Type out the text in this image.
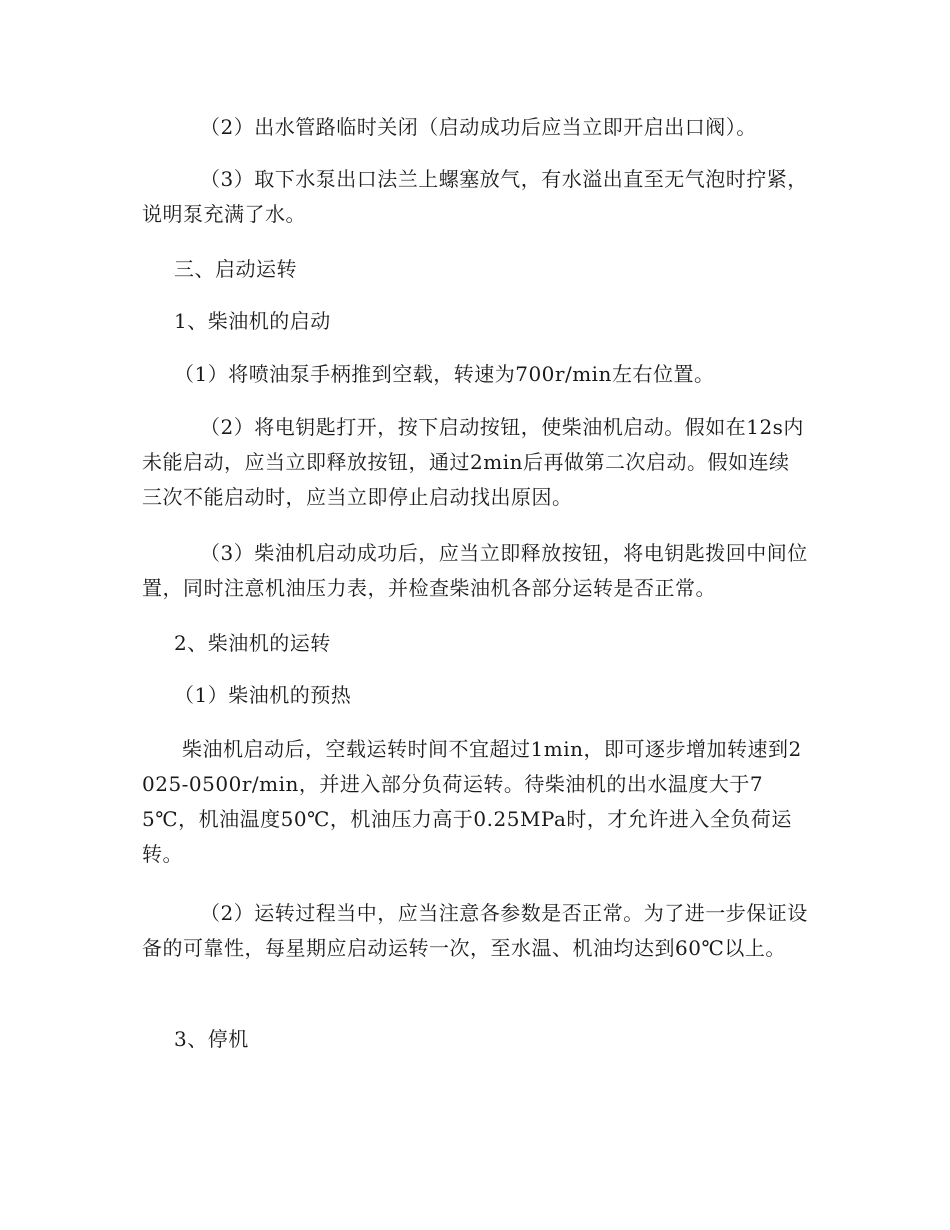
（2）出水管路临时关闭（启动成功后应当立即开启出口阀）。

（3）取下水泵出口法兰上螺塞放气，有水溢出直至无气泡时拧紧，说明泵充满了水。

三、启动运转

1、柴油机的启动

（1）将喷油泵手柄推到空载，转速为700r/min左右位置。

（2）将电钥匙打开，按下启动按钮，使柴油机启动。假如在12s内未能启动，应当立即释放按钮，通过2min后再做第二次启动。假如连续三次不能启动时，应当立即停止启动找出原因。

（3）柴油机启动成功后，应当立即释放按钮，将电钥匙拨回中间位置，同时注意机油压力表，并检查柴油机各部分运转是否正常。

2、柴油机的运转

（1）柴油机的预热

柴油机启动后，空载运转时间不宜超过1min，即可逐步增加转速到2025-0500r/min，并进入部分负荷运转。待柴油机的出水温度大于75℃，机油温度50℃，机油压力高于0.25MPa时，才允许进入全负荷运转。

（2）运转过程当中，应当注意各参数是否正常。为了进一步保证设备的可靠性，每星期应启动运转一次，至水温、机油均达到60℃以上。

3、停机
